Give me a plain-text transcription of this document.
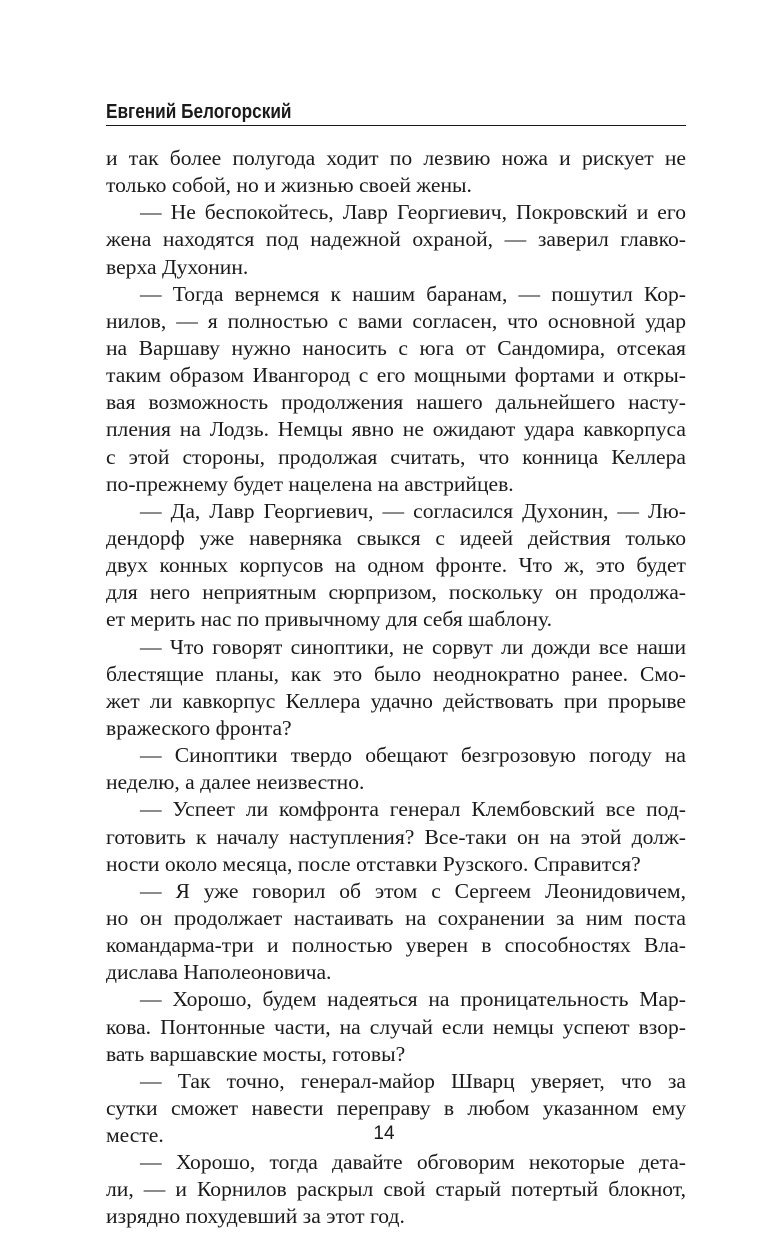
Евгений Белогорский
и так более полугода ходит по лезвию ножа и рискует не
только собой, но и жизнью своей жены.
— Не беспокойтесь, Лавр Георгиевич, Покровский и его
жена находятся под надежной охраной, — заверил главко-
верха Духонин.
— Тогда вернемся к нашим баранам, — пошутил Кор-
нилов, — я полностью с вами согласен, что основной удар
на Варшаву нужно наносить с юга от Сандомира, отсекая
таким образом Ивангород с его мощными фортами и откры-
вая возможность продолжения нашего дальнейшего насту-
пления на Лодзь. Немцы явно не ожидают удара кавкорпуса
с этой стороны, продолжая считать, что конница Келлера
по-прежнему будет нацелена на австрийцев.
— Да, Лавр Георгиевич, — согласился Духонин, — Лю-
дендорф уже наверняка свыкся с идеей действия только
двух конных корпусов на одном фронте. Что ж, это будет
для него неприятным сюрпризом, поскольку он продолжа-
ет мерить нас по привычному для себя шаблону.
— Что говорят синоптики, не сорвут ли дожди все наши
блестящие планы, как это было неоднократно ранее. Смо-
жет ли кавкорпус Келлера удачно действовать при прорыве
вражеского фронта?
— Синоптики твердо обещают безгрозовую погоду на
неделю, а далее неизвестно.
— Успеет ли комфронта генерал Клембовский все под-
готовить к началу наступления? Все-таки он на этой долж-
ности около месяца, после отставки Рузского. Справится?
— Я уже говорил об этом с Сергеем Леонидовичем,
но он продолжает настаивать на сохранении за ним поста
командарма-три и полностью уверен в способностях Вла-
дислава Наполеоновича.
— Хорошо, будем надеяться на проницательность Мар-
кова. Понтонные части, на случай если немцы успеют взор-
вать варшавские мосты, готовы?
— Так точно, генерал-майор Шварц уверяет, что за
сутки сможет навести переправу в любом указанном ему
месте.
— Хорошо, тогда давайте обговорим некоторые дета-
ли, — и Корнилов раскрыл свой старый потертый блокнот,
изрядно похудевший за этот год.
14
